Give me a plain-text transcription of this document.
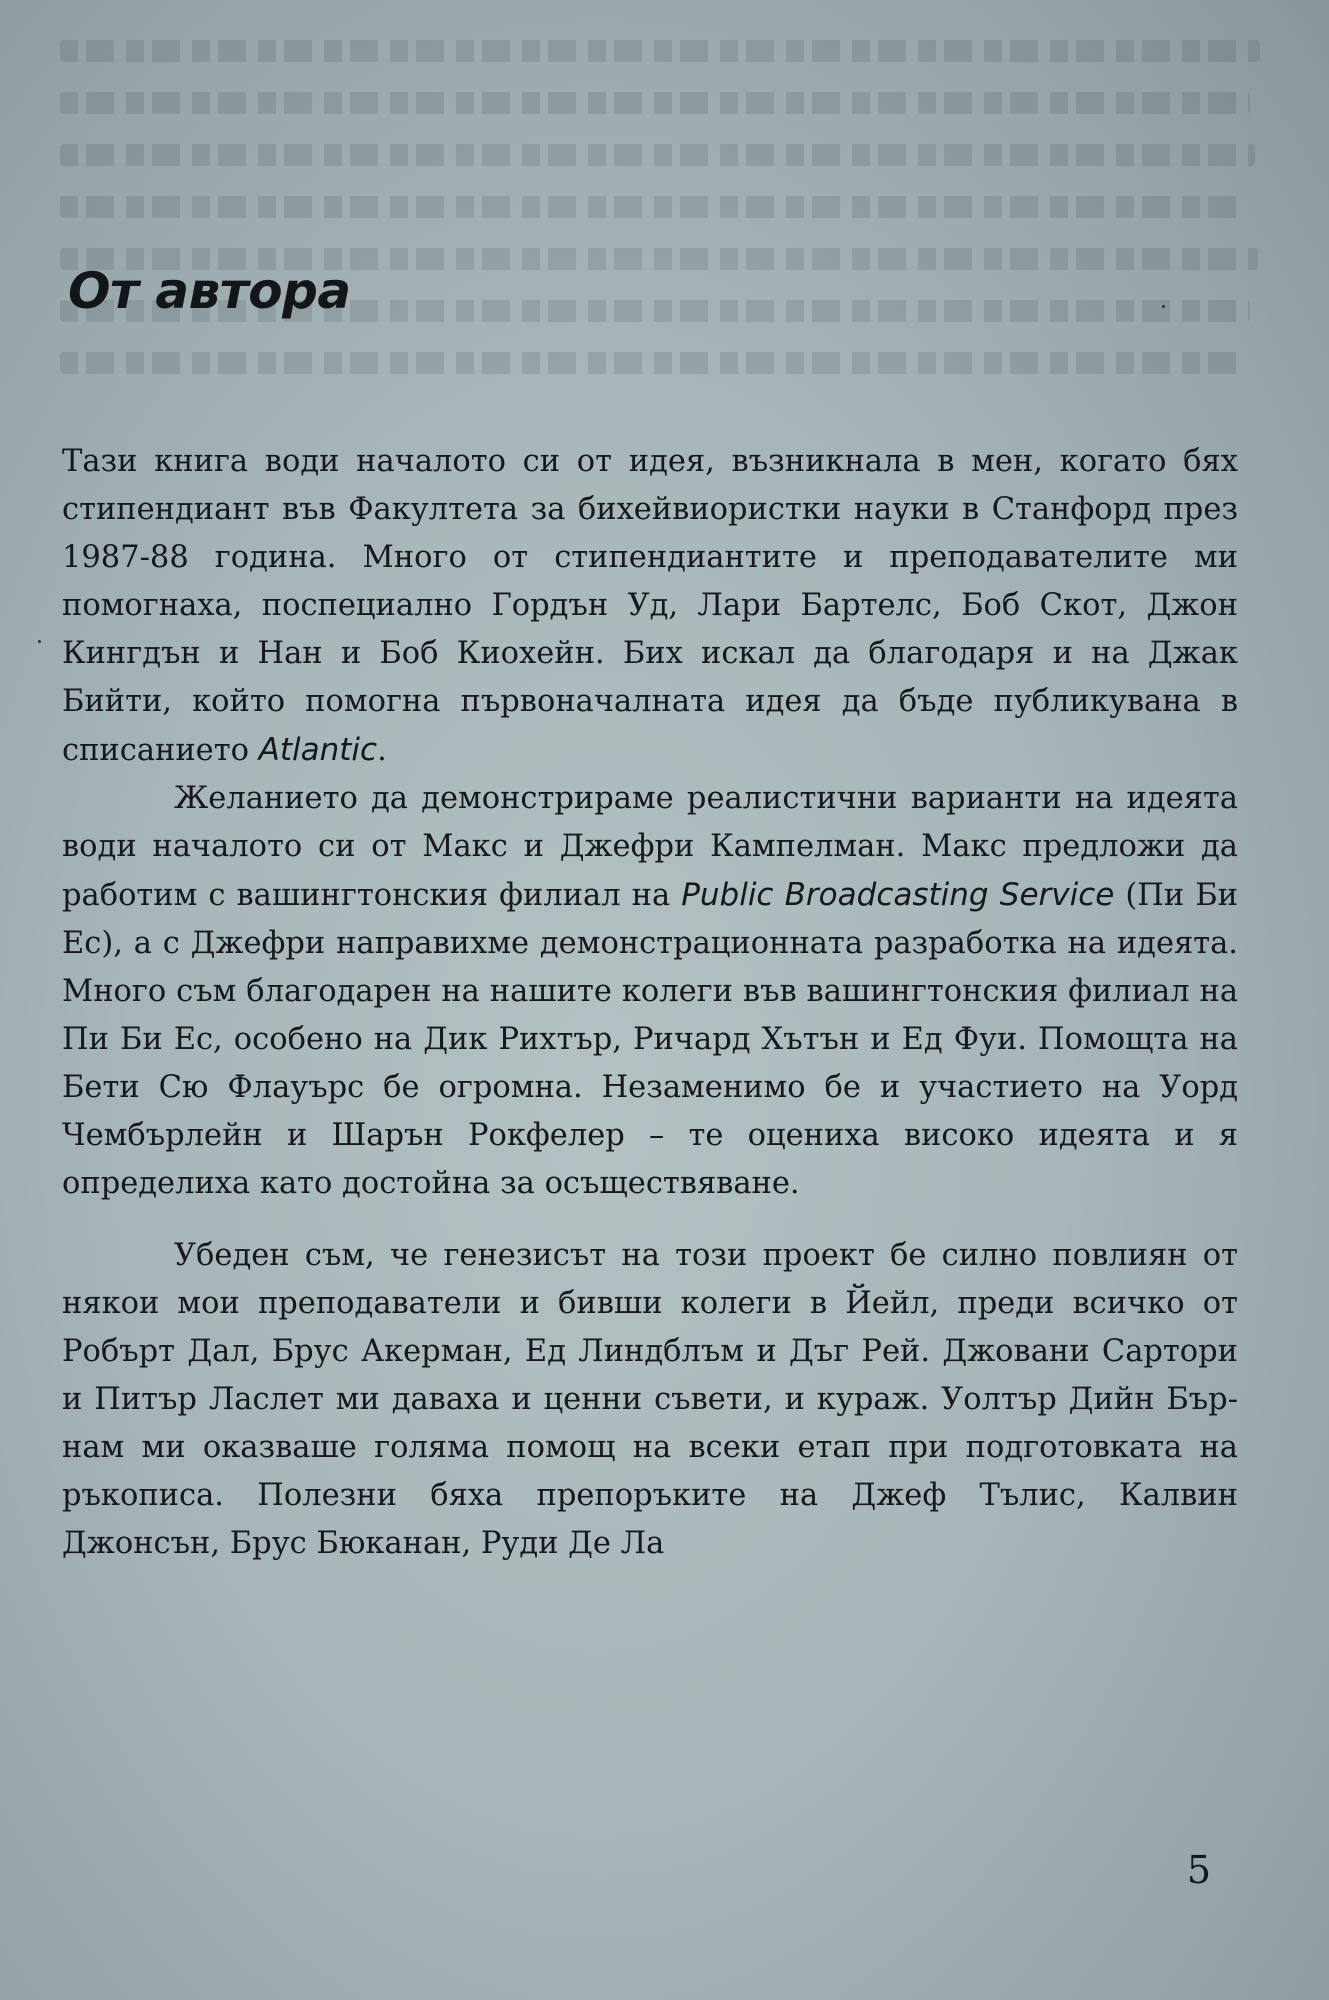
От автора

Тази книга води началото си от идея, възникнала в мен, когато бях стипендиант във Факултета за бихейвиористки науки в Станфорд през 1987-88 година. Много от стипендиантите и преподавателите ми помогнаха, поспециално Гордън Уд, Лари Бартелс, Боб Скот, Джон Кингдън и Нан и Боб Киохейн. Бих искал да благодаря и на Джак Бийти, който помогна първоначалната идея да бъде публикувана в списанието Atlantic.

Желанието да демонстрираме реалистични варианти на идеята води началото си от Макс и Джефри Кампелман. Макс предложи да работим с вашингтонския филиал на Public Broadcasting Service (Пи Би Ес), а с Джефри направихме демонстрационната разработка на идеята. Много съм благодарен на нашите колеги във вашингтонския филиал на Пи Би Ес, особено на Дик Рихтър, Ричард Хътън и Ед Фуи. Помощта на Бети Сю Флауърс бе огромна. Незаменимо бе и участието на Уорд Чембърлейн и Шарън Рокфелер – те оцениха високо идеята и я определиха като достойна за осъществяване.

Убеден съм, че генезисът на този проект бе силно повлиян от някои мои преподаватели и бивши колеги в Йейл, преди всичко от Робърт Дал, Брус Акерман, Ед Линдблъм и Дъг Рей. Джовани Сартори и Питър Ласлет ми даваха и ценни съвети, и кураж. Уолтър Дийн Бърнам ми оказваше голяма помощ на всеки етап при подготовката на ръкописа. Полезни бяха препоръките на Джеф Тълис, Калвин Джонсън, Брус Бюканан, Руди Де Ла

5
